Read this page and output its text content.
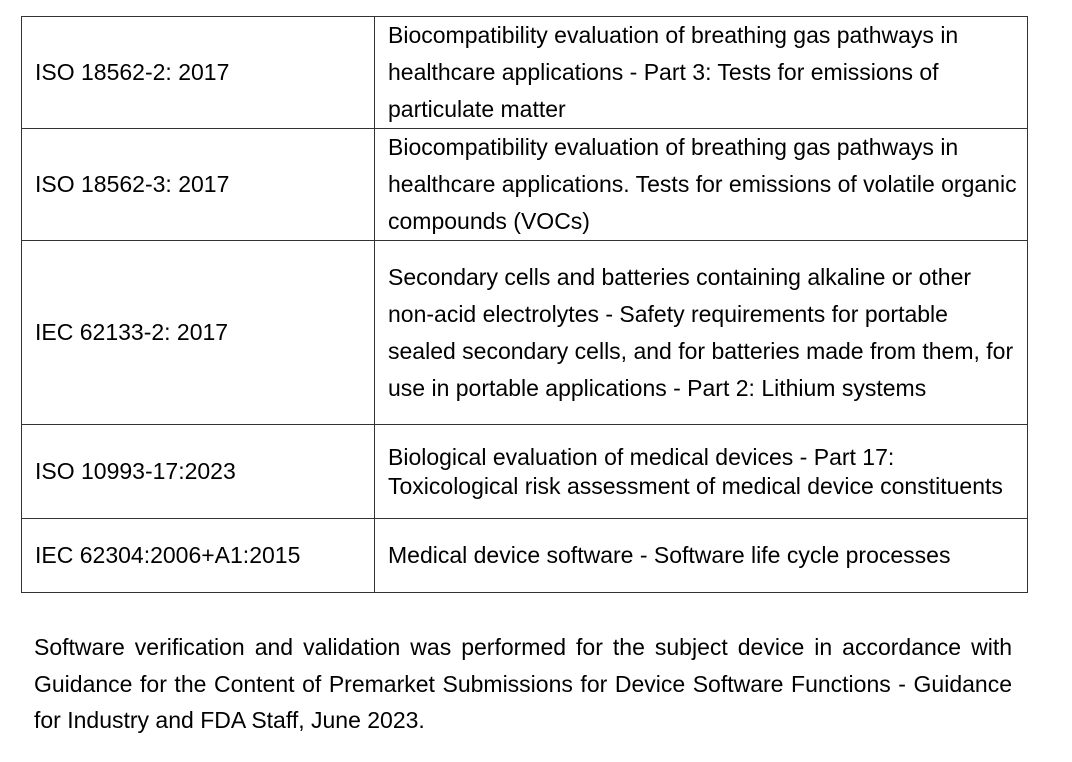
ISO 18562-2: 2017	Biocompatibility evaluation of breathing gas pathways in healthcare applications - Part 3: Tests for emissions of particulate matter
ISO 18562-3: 2017	Biocompatibility evaluation of breathing gas pathways in healthcare applications. Tests for emissions of volatile organic compounds (VOCs)
IEC 62133-2: 2017	Secondary cells and batteries containing alkaline or other non-acid electrolytes - Safety requirements for portable sealed secondary cells, and for batteries made from them, for use in portable applications - Part 2: Lithium systems
ISO 10993-17:2023	Biological evaluation of medical devices - Part 17: Toxicological risk assessment of medical device constituents
IEC 62304:2006+A1:2015	Medical device software - Software life cycle processes

Software verification and validation was performed for the subject device in accordance with Guidance for the Content of Premarket Submissions for Device Software Functions - Guidance for Industry and FDA Staff, June 2023.
